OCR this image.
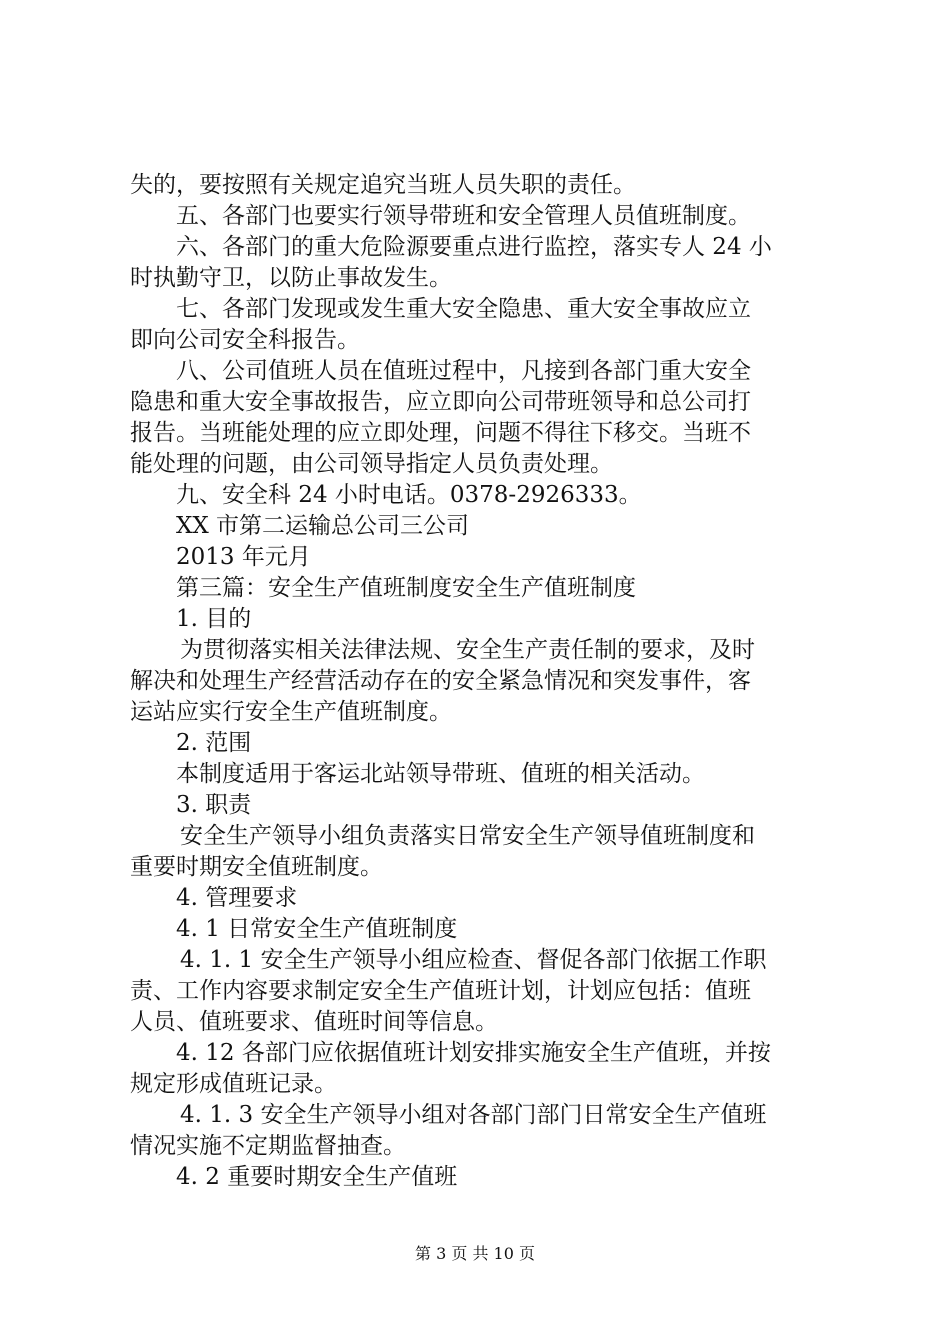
失的，要按照有关规定追究当班人员失职的责任。
五、各部门也要实行领导带班和安全管理人员值班制度。
六、各部门的重大危险源要重点进行监控，落实专人 24 小
时执勤守卫，以防止事故发生。
七、各部门发现或发生重大安全隐患、重大安全事故应立
即向公司安全科报告。
八、公司值班人员在值班过程中，凡接到各部门重大安全
隐患和重大安全事故报告，应立即向公司带班领导和总公司打
报告。当班能处理的应立即处理，问题不得往下移交。当班不
能处理的问题，由公司领导指定人员负责处理。
九、安全科 24 小时电话。0378-2926333。
XX 市第二运输总公司三公司
2013 年元月
第三篇：安全生产值班制度安全生产值班制度
1. 目的
为贯彻落实相关法律法规、安全生产责任制的要求，及时
解决和处理生产经营活动存在的安全紧急情况和突发事件，客
运站应实行安全生产值班制度。
2. 范围
本制度适用于客运北站领导带班、值班的相关活动。
3. 职责
安全生产领导小组负责落实日常安全生产领导值班制度和
重要时期安全值班制度。
4. 管理要求
4. 1 日常安全生产值班制度
4. 1. 1 安全生产领导小组应检查、督促各部门依据工作职
责、工作内容要求制定安全生产值班计划，计划应包括：值班
人员、值班要求、值班时间等信息。
4. 12 各部门应依据值班计划安排实施安全生产值班，并按
规定形成值班记录。
4. 1. 3 安全生产领导小组对各部门部门日常安全生产值班
情况实施不定期监督抽查。
4. 2 重要时期安全生产值班
第 3 页 共 10 页
